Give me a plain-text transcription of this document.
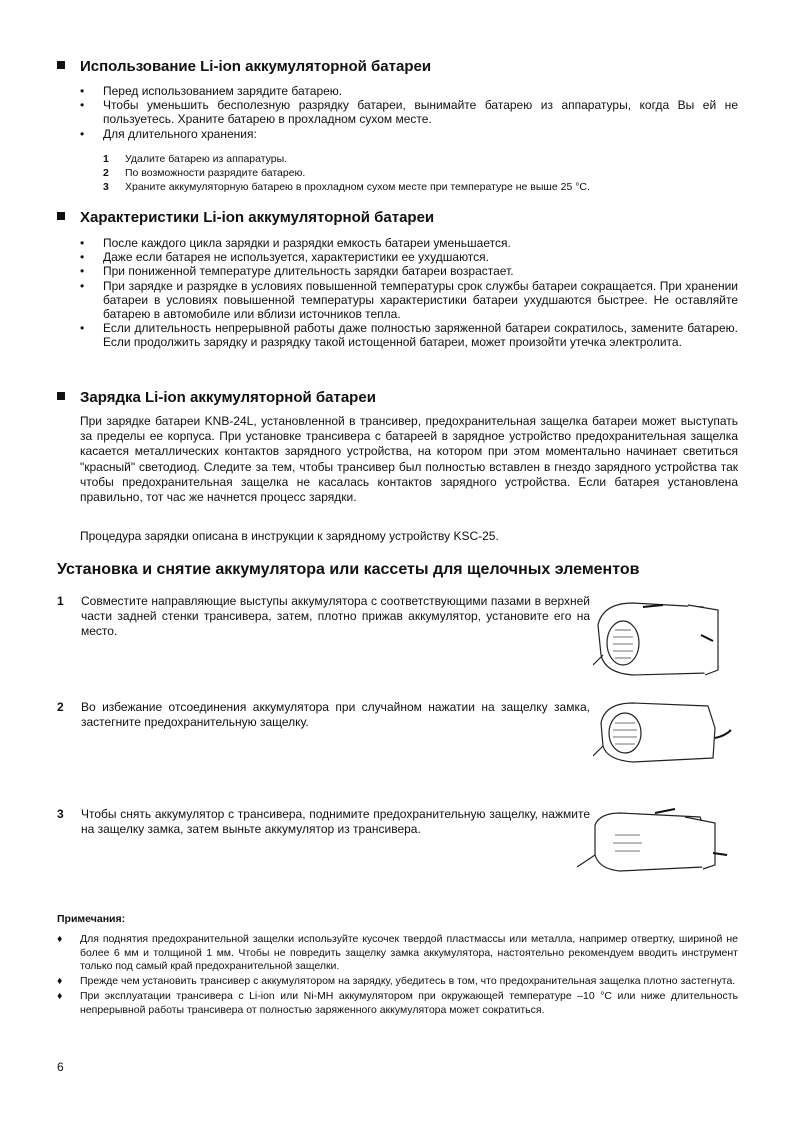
Использование Li-ion аккумуляторной батареи
• Перед использованием зарядите батарею.
• Чтобы уменьшить бесполезную разрядку батареи, вынимайте батарею из аппаратуры, когда Вы ей не пользуетесь. Храните батарею в прохладном сухом месте.
• Для длительного хранения:
1 Удалите батарею из аппаратуры.
2 По возможности разрядите батарею.
3 Храните аккумуляторную батарею в прохладном сухом месте при температуре не выше 25 °C.
Характеристики Li-ion аккумуляторной батареи
• После каждого цикла зарядки и разрядки емкость батареи уменьшается.
• Даже если батарея не используется, характеристики ее ухудшаются.
• При пониженной температуре длительность зарядки батареи возрастает.
• При зарядке и разрядке в условиях повышенной температуры срок службы батареи сокращается. При хранении батареи в условиях повышенной температуры характеристики батареи ухудшаются быстрее. Не оставляйте батарею в автомобиле или вблизи источников тепла.
• Если длительность непрерывной работы даже полностью заряженной батареи сократилось, замените батарею. Если продолжить зарядку и разрядку такой истощенной батареи, может произойти утечка электролита.
Зарядка Li-ion аккумуляторной батареи
При зарядке батареи KNB-24L, установленной в трансивер, предохранительная защелка батареи может выступать за пределы ее корпуса. При установке трансивера с батареей в зарядное устройство предохранительная защелка касается металлических контактов зарядного устройства, на котором при этом моментально начинает светиться "красный" светодиод. Следите за тем, чтобы трансивер был полностью вставлен в гнездо зарядного устройства так чтобы предохранительная защелка не касалась контактов зарядного устройства. Если батарея установлена правильно, тот час же начнется процесс зарядки.
Процедура зарядки описана в инструкции к зарядному устройству KSC-25.
Установка и снятие аккумулятора или кассеты для щелочных элементов
1 Совместите направляющие выступы аккумулятора с соответствующими пазами в верхней части задней стенки трансивера, затем, плотно прижав аккумулятор, установите его на место.
2 Во избежание отсоединения аккумулятора при случайном нажатии на защелку замка, застегните предохранительную защелку.
3 Чтобы снять аккумулятор с трансивера, поднимите предохранительную защелку, нажмите на защелку замка, затем выньте аккумулятор из трансивера.
Примечания:
♦ Для поднятия предохранительной защелки используйте кусочек твердой пластмассы или металла, например отвертку, шириной не более 6 мм и толщиной 1 мм. Чтобы не повредить защелку замка аккумулятора, настоятельно рекомендуем вводить инструмент только под самый край предохранительной защелки.
♦ Прежде чем установить трансивер с аккумулятором на зарядку, убедитесь в том, что предохранительная защелка плотно застегнута.
♦ При эксплуатации трансивера с Li-ion или Ni-MH аккумулятором при окружающей температуре –10 °C или ниже длительность непрерывной работы трансивера от полностью заряженного аккумулятора может сократиться.
6
